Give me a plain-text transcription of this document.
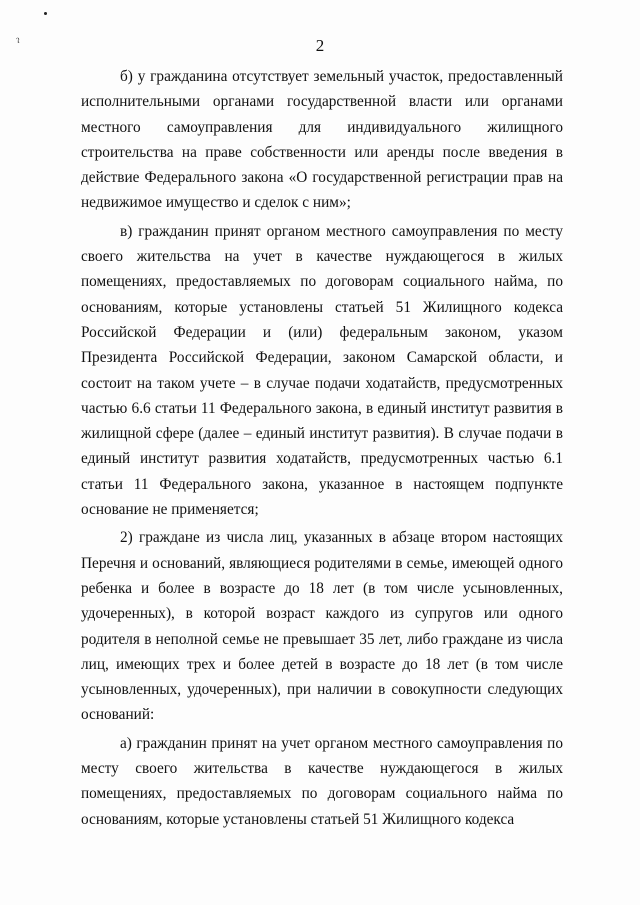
ˀ	2

б) у гражданина отсутствует земельный участок, предоставленный исполнительными органами государственной власти или органами местного самоуправления для индивидуального жилищного строительства на праве собственности или аренды после введения в действие Федерального закона «О государственной регистрации прав на недвижимое имущество и сделок с ним»;

в) гражданин принят органом местного самоуправления по месту своего жительства на учет в качестве нуждающегося в жилых помещениях, предоставляемых по договорам социального найма, по основаниям, которые установлены статьей 51 Жилищного кодекса Российской Федерации и (или) федеральным законом, указом Президента Российской Федерации, законом Самарской области, и состоит на таком учете – в случае подачи ходатайств, предусмотренных частью 6.6 статьи 11 Федерального закона, в единый институт развития в жилищной сфере (далее – единый институт развития). В случае подачи в единый институт развития ходатайств, предусмотренных частью 6.1 статьи 11 Федерального закона, указанное в настоящем подпункте основание не применяется;

2) граждане из числа лиц, указанных в абзаце втором настоящих Перечня и оснований, являющиеся родителями в семье, имеющей одного ребенка и более в возрасте до 18 лет (в том числе усыновленных, удочеренных), в которой возраст каждого из супругов или одного родителя в неполной семье не превышает 35 лет, либо граждане из числа лиц, имеющих трех и более детей в возрасте до 18 лет (в том числе усыновленных, удочеренных), при наличии в совокупности следующих оснований:

а) гражданин принят на учет органом местного самоуправления по месту своего жительства в качестве нуждающегося в жилых помещениях, предоставляемых по договорам социального найма по основаниям, которые установлены статьей 51 Жилищного кодекса
